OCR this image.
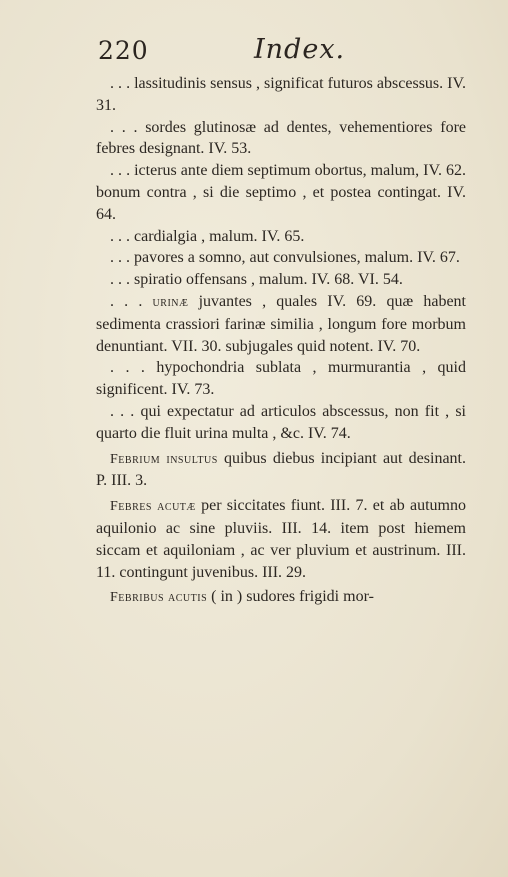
220	Index.

. . . lassitudinis sensus , significat futuros abscessus. IV. 31.

. . . sordes glutinosæ ad dentes, vehementiores fore febres designant. IV. 53.

. . . icterus ante diem septimum obortus, malum, IV. 62. bonum contra , si die septimo , et postea contingat. IV. 64.

. . . cardialgia , malum. IV. 65.

. . . pavores a somno, aut convulsiones, malum. IV. 67.

. . . spiratio offensans , malum. IV. 68. VI. 54.

. . . urinæ juvantes , quales IV. 69. quæ habent sedimenta crassiori farinæ similia , longum fore morbum denuntiant. VII. 30. subjugales quid notent. IV. 70.

. . . hypochondria sublata , murmurantia , quid significent. IV. 73.

. . . qui expectatur ad articulos abscessus, non fit , si quarto die fluit urina multa , &c. IV. 74.

Febrium insultus quibus diebus incipiant aut desinant. P. III. 3.

Febres acutæ per siccitates fiunt. III. 7. et ab autumno aquilonio ac sine pluviis. III. 14. item post hiemem siccam et aquiloniam , ac ver pluvium et austrinum. III. 11. contingunt juvenibus. III. 29.

Febribus acutis ( in ) sudores frigidi mor-
